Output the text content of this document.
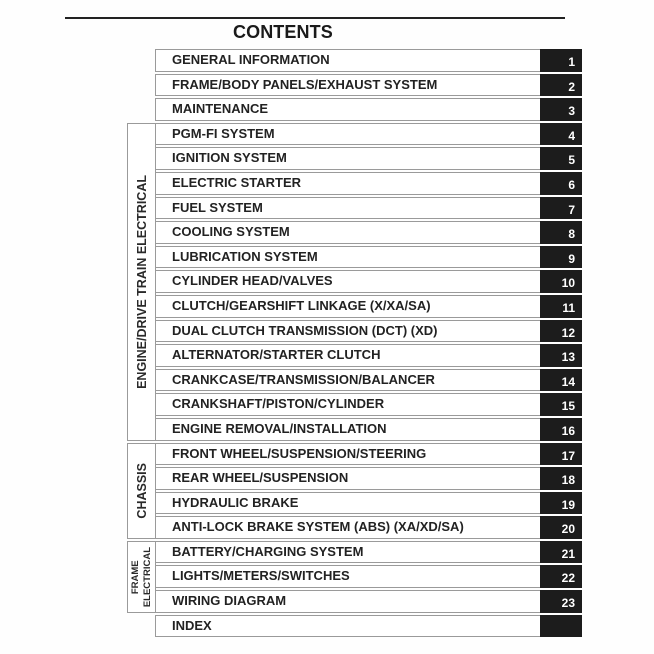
CONTENTS
ENGINE/DRIVE TRAIN ELECTRICAL
CHASSIS
FRAME ELECTRICAL
GENERAL INFORMATION	1
FRAME/BODY PANELS/EXHAUST SYSTEM	2
MAINTENANCE	3
PGM-FI SYSTEM	4
IGNITION SYSTEM	5
ELECTRIC STARTER	6
FUEL SYSTEM	7
COOLING SYSTEM	8
LUBRICATION SYSTEM	9
CYLINDER HEAD/VALVES	10
CLUTCH/GEARSHIFT LINKAGE (X/XA/SA)	11
DUAL CLUTCH TRANSMISSION (DCT) (XD)	12
ALTERNATOR/STARTER CLUTCH	13
CRANKCASE/TRANSMISSION/BALANCER	14
CRANKSHAFT/PISTON/CYLINDER	15
ENGINE REMOVAL/INSTALLATION	16
FRONT WHEEL/SUSPENSION/STEERING	17
REAR WHEEL/SUSPENSION	18
HYDRAULIC BRAKE	19
ANTI-LOCK BRAKE SYSTEM (ABS) (XA/XD/SA)	20
BATTERY/CHARGING SYSTEM	21
LIGHTS/METERS/SWITCHES	22
WIRING DIAGRAM	23
INDEX
